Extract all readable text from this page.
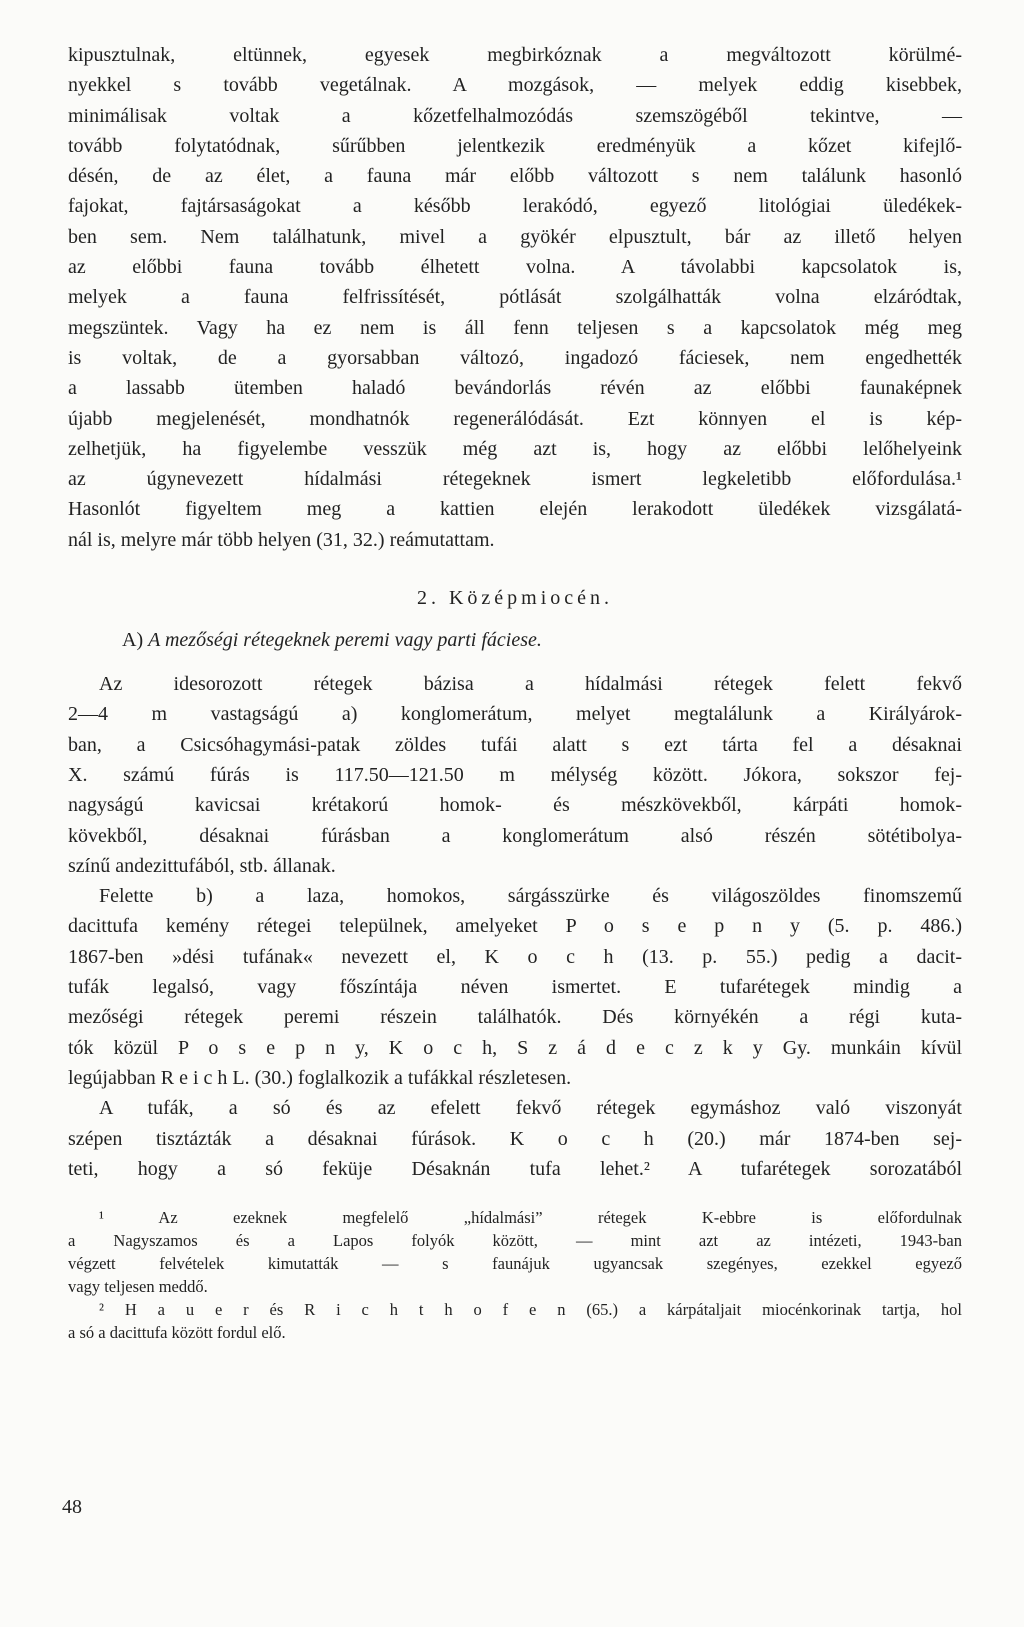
kipusztulnak, eltünnek, egyesek megbirkóznak a megváltozott körülmé-
nyekkel s tovább vegetálnak. A mozgások, — melyek eddig kisebbek,
minimálisak voltak a kőzetfelhalmozódás szemszögéből tekintve, —
tovább folytatódnak, sűrűbben jelentkezik eredményük a kőzet kifejlő-
désén, de az élet, a fauna már előbb változott s nem találunk hasonló
fajokat, fajtársaságokat a később lerakódó, egyező litológiai üledékek-
ben sem. Nem találhatunk, mivel a gyökér elpusztult, bár az illető helyen
az előbbi fauna tovább élhetett volna. A távolabbi kapcsolatok is,
melyek a fauna felfrissítését, pótlását szolgálhatták volna elzáródtak,
megszüntek. Vagy ha ez nem is áll fenn teljesen s a kapcsolatok még meg
is voltak, de a gyorsabban változó, ingadozó fáciesek, nem engedhették
a lassabb ütemben haladó bevándorlás révén az előbbi faunaképnek
újabb megjelenését, mondhatnók regenerálódását. Ezt könnyen el is kép-
zelhetjük, ha figyelembe vesszük még azt is, hogy az előbbi lelőhelyeink
az úgynevezett hídalmási rétegeknek ismert legkeletibb előfordulása.¹
Hasonlót figyeltem meg a kattien elején lerakodott üledékek vizsgálatá-
nál is, melyre már több helyen (31, 32.) reámutattam.
2. Középmiocén.
A) A mezőségi rétegeknek peremi vagy parti fáciese.
Az idesorozott rétegek bázisa a hídalmási rétegek felett fekvő
2—4 m vastagságú a) konglomerátum, melyet megtalálunk a Királyárok-
ban, a Csicsóhagymási-patak zöldes tufái alatt s ezt tárta fel a désaknai
X. számú fúrás is 117.50—121.50 m mélység között. Jókora, sokszor fej-
nagyságú kavicsai krétakorú homok- és mészkövekből, kárpáti homok-
kövekből, désaknai fúrásban a konglomerátum alsó részén sötétibolya-
színű andezittufából, stb. állanak.
Felette b) a laza, homokos, sárgásszürke és világoszöldes finomszemű
dacittufa kemény rétegei települnek, amelyeket P o s e p n y (5. p. 486.)
1867-ben »dési tufának« nevezett el, K o c h (13. p. 55.) pedig a dacit-
tufák legalsó, vagy főszíntája néven ismertet. E tufarétegek mindig a
mezőségi rétegek peremi részein találhatók. Dés környékén a régi kuta-
tók közül P o s e p n y, K o c h, S z á d e c z k y Gy. munkáin kívül
legújabban R e i c h L. (30.) foglalkozik a tufákkal részletesen.
A tufák, a só és az efelett fekvő rétegek egymáshoz való viszonyát
szépen tisztázták a désaknai fúrások. K o c h (20.) már 1874-ben sej-
teti, hogy a só feküje Désaknán tufa lehet.² A tufarétegek sorozatából
¹ Az ezeknek megfelelő „hídalmási” rétegek K-ebbre is előfordulnak
a Nagyszamos és a Lapos folyók között, — mint azt az intézeti, 1943-ban
végzett felvételek kimutatták — s faunájuk ugyancsak szegényes, ezekkel egyező
vagy teljesen meddő.
² H a u e r és R i c h t h o f e n (65.) a kárpátaljait miocénkorinak tartja, hol
a só a dacittufa között fordul elő.
48
